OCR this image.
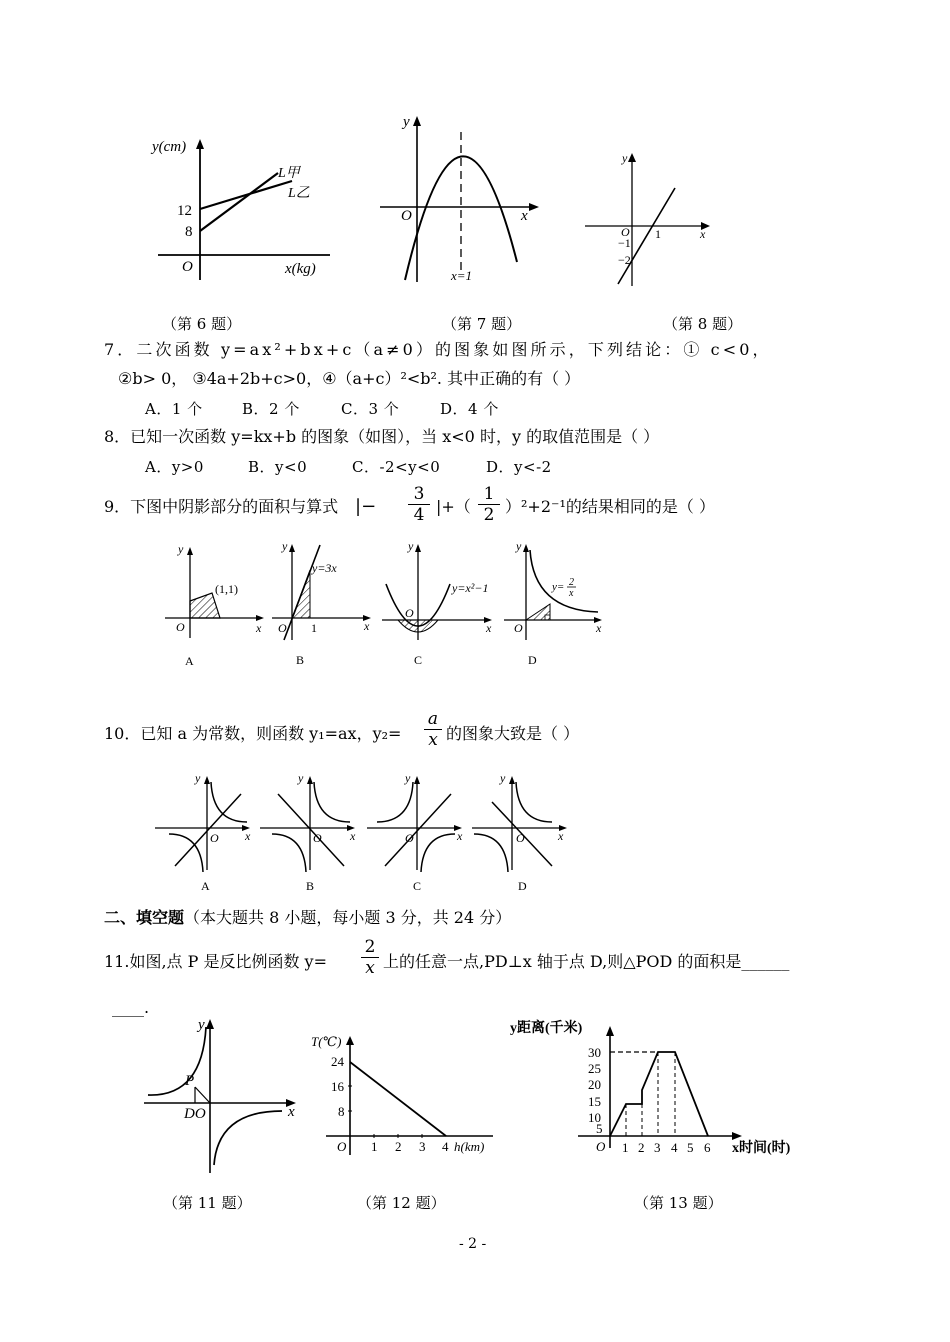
y(cm)
12
8
O	x(kg)
L甲
L乙
（第 6 题）
y
O	x
x=1
（第 7 题）
y
O 1	x
−1
−2
（第 8 题）
7．二次函数 y=ax²+bx+c（a≠0）的图象如图所示，下列结论：① c<0，
②b> 0， ③4a+2b+c>0，④（a+c）²<b². 其中正确的有（ ）
A．1 个	B．2 个	C．3 个	D．4 个
8．已知一次函数 y=kx+b 的图象（如图），当 x<0 时，y 的取值范围是（ ）
A．y>0	B．y<0	C．-2<y<0	D．y<-2
9．下图中阴影部分的面积与算式 |− $\frac{3}{4}$ |+（ $\frac{1}{2} )^2+2^{-1}$的结果相同的是（ ）
y
O	x
(1,1)
A
y
O 1	x
y=3x
B
y
O
x
y=x²−1
C
y
O	x
y= 2
x
D
10．已知 a 为常数，则函数 y₁=ax，$y_2= \frac{a}{x}$ 的图象大致是（ ）
y
O x
A
y
O x
B
y
O	x
C
y
O	x
D
二、填空题（本大题共 8 小题，每小题 3 分，共 24 分）
11.如图,点 P 是反比例函数 $y= \frac{2}{x}$ 上的任意一点,PD⊥x 轴于点 D,则△POD 的面积是______
____.
y
P
DO	x
（第 11 题）
T(℃)
24
16
8
O 1 2 3 4 h(km)
（第 12 题）
y距离(千米)
30
25
20
15
10
5
O 1 2 3 4 5 6 x时间(时)
（第 13 题）
- 2 -
